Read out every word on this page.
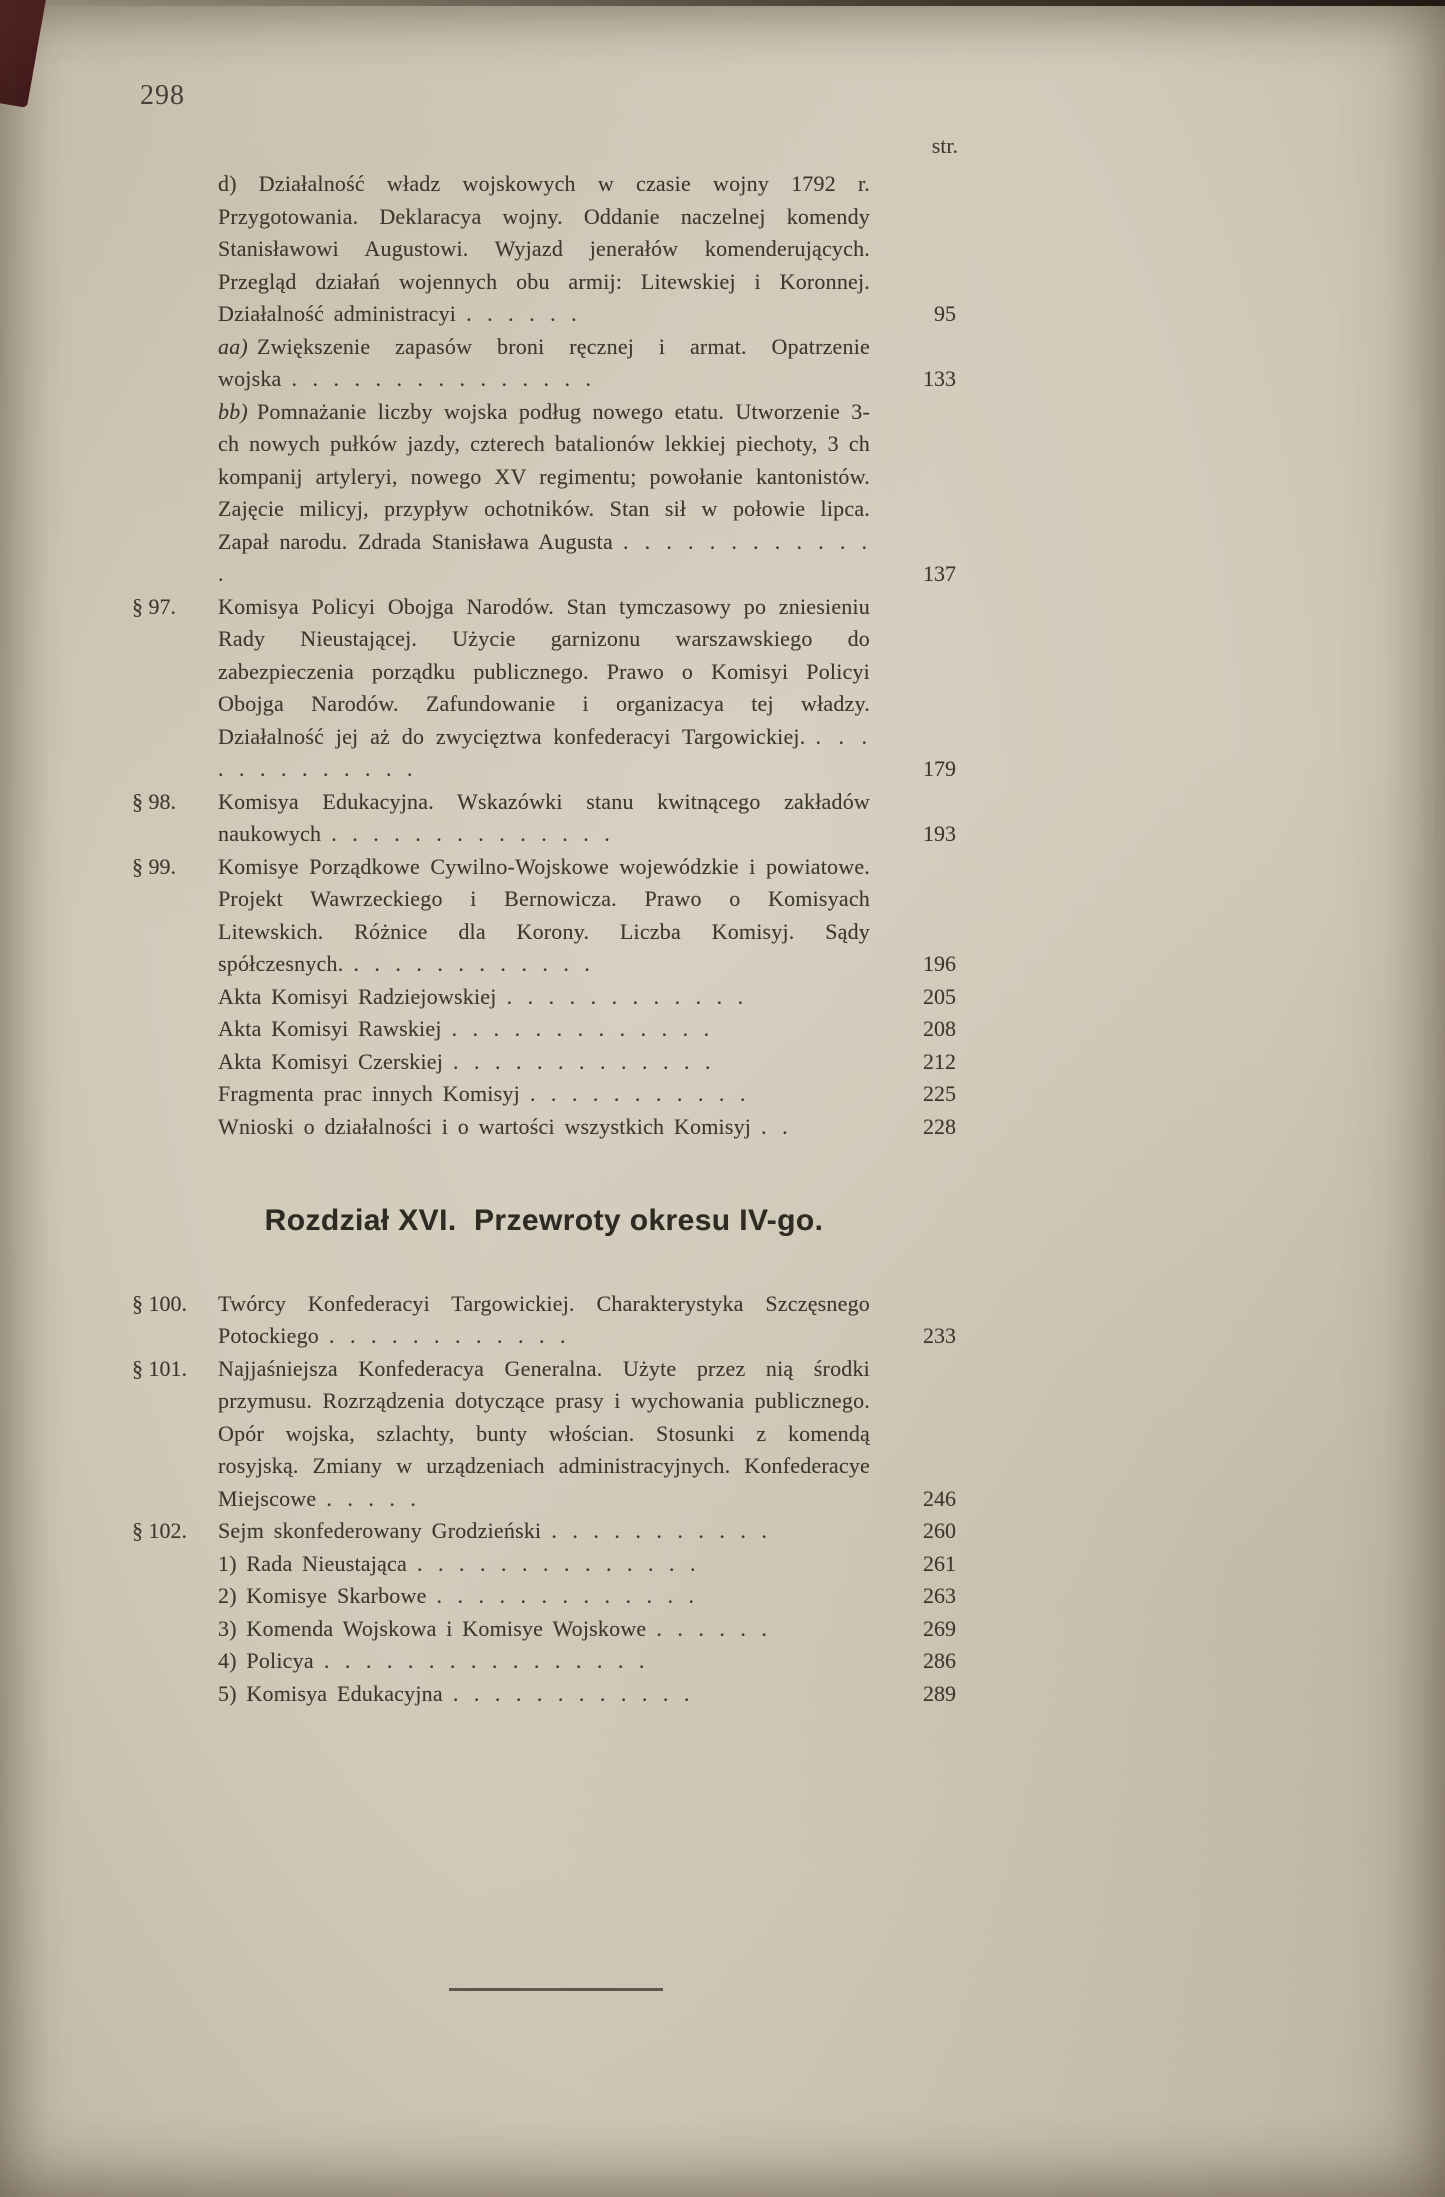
298
str.
d) Działalność władz wojskowych w czasie wojny 1792 r. Przygotowania. Deklaracya wojny. Oddanie naczelnej komendy Stanisławowi Augustowi. Wyjazd jenerałów komenderujących. Przegląd działań wojennych obu armij: Litewskiej i Koronnej. Działalność administracyi . . . . . .	95
aa) Zwiększenie zapasów broni ręcznej i armat. Opatrzenie wojska . . . . . . . . . . . . . . .	133
bb) Pomnażanie liczby wojska podług nowego etatu. Utworzenie 3-ch nowych pułków jazdy, czterech batalionów lekkiej piechoty, 3 ch kompanij artyleryi, nowego XV regimentu; powołanie kantonistów. Zajęcie milicyj, przypływ ochotników. Stan sił w połowie lipca. Zapał narodu. Zdrada Stanisława Augusta . . . . . . . . . . . . .	137
§ 97.	Komisya Policyi Obojga Narodów. Stan tymczasowy po zniesieniu Rady Nieustającej. Użycie garnizonu warszawskiego do zabezpieczenia porządku publicznego. Prawo o Komisyi Policyi Obojga Narodów. Zafundowanie i organizacya tej władzy. Działalność jej aż do zwycięztwa konfederacyi Targowickiej. . . . . . . . . . . . . .	179
§ 98.	Komisya Edukacyjna. Wskazówki stanu kwitnącego zakładów naukowych . . . . . . . . . . . . . .	193
§ 99.	Komisye Porządkowe Cywilno-Wojskowe wojewódzkie i powiatowe. Projekt Wawrzeckiego i Bernowicza. Prawo o Komisyach Litewskich. Różnice dla Korony. Liczba Komisyj. Sądy spółczesnych. . . . . . . . . . . . .	196
Akta Komisyi Radziejowskiej . . . . . . . . . . . .	205
Akta Komisyi Rawskiej . . . . . . . . . . . . .	208
Akta Komisyi Czerskiej . . . . . . . . . . . . .	212
Fragmenta prac innych Komisyj . . . . . . . . . . .	225
Wnioski o działalności i o wartości wszystkich Komisyj . .	228
Rozdział XVI.  Przewroty okresu IV-go.
§ 100.	Twórcy Konfederacyi Targowickiej. Charakterystyka Szczęsnego Potockiego . . . . . . . . . . . .	233
§ 101.	Najjaśniejsza Konfederacya Generalna. Użyte przez nią środki przymusu. Rozrządzenia dotyczące prasy i wychowania publicznego. Opór wojska, szlachty, bunty włościan. Stosunki z komendą rosyjską. Zmiany w urządzeniach administracyjnych. Konfederacye Miejscowe . . . . .	246
§ 102.	Sejm skonfederowany Grodzieński . . . . . . . . . . .	260
1) Rada Nieustająca . . . . . . . . . . . . . .	261
2) Komisye Skarbowe . . . . . . . . . . . . .	263
3) Komenda Wojskowa i Komisye Wojskowe . . . . . .	269
4) Policya . . . . . . . . . . . . . . . .	286
5) Komisya Edukacyjna . . . . . . . . . . . .	289
